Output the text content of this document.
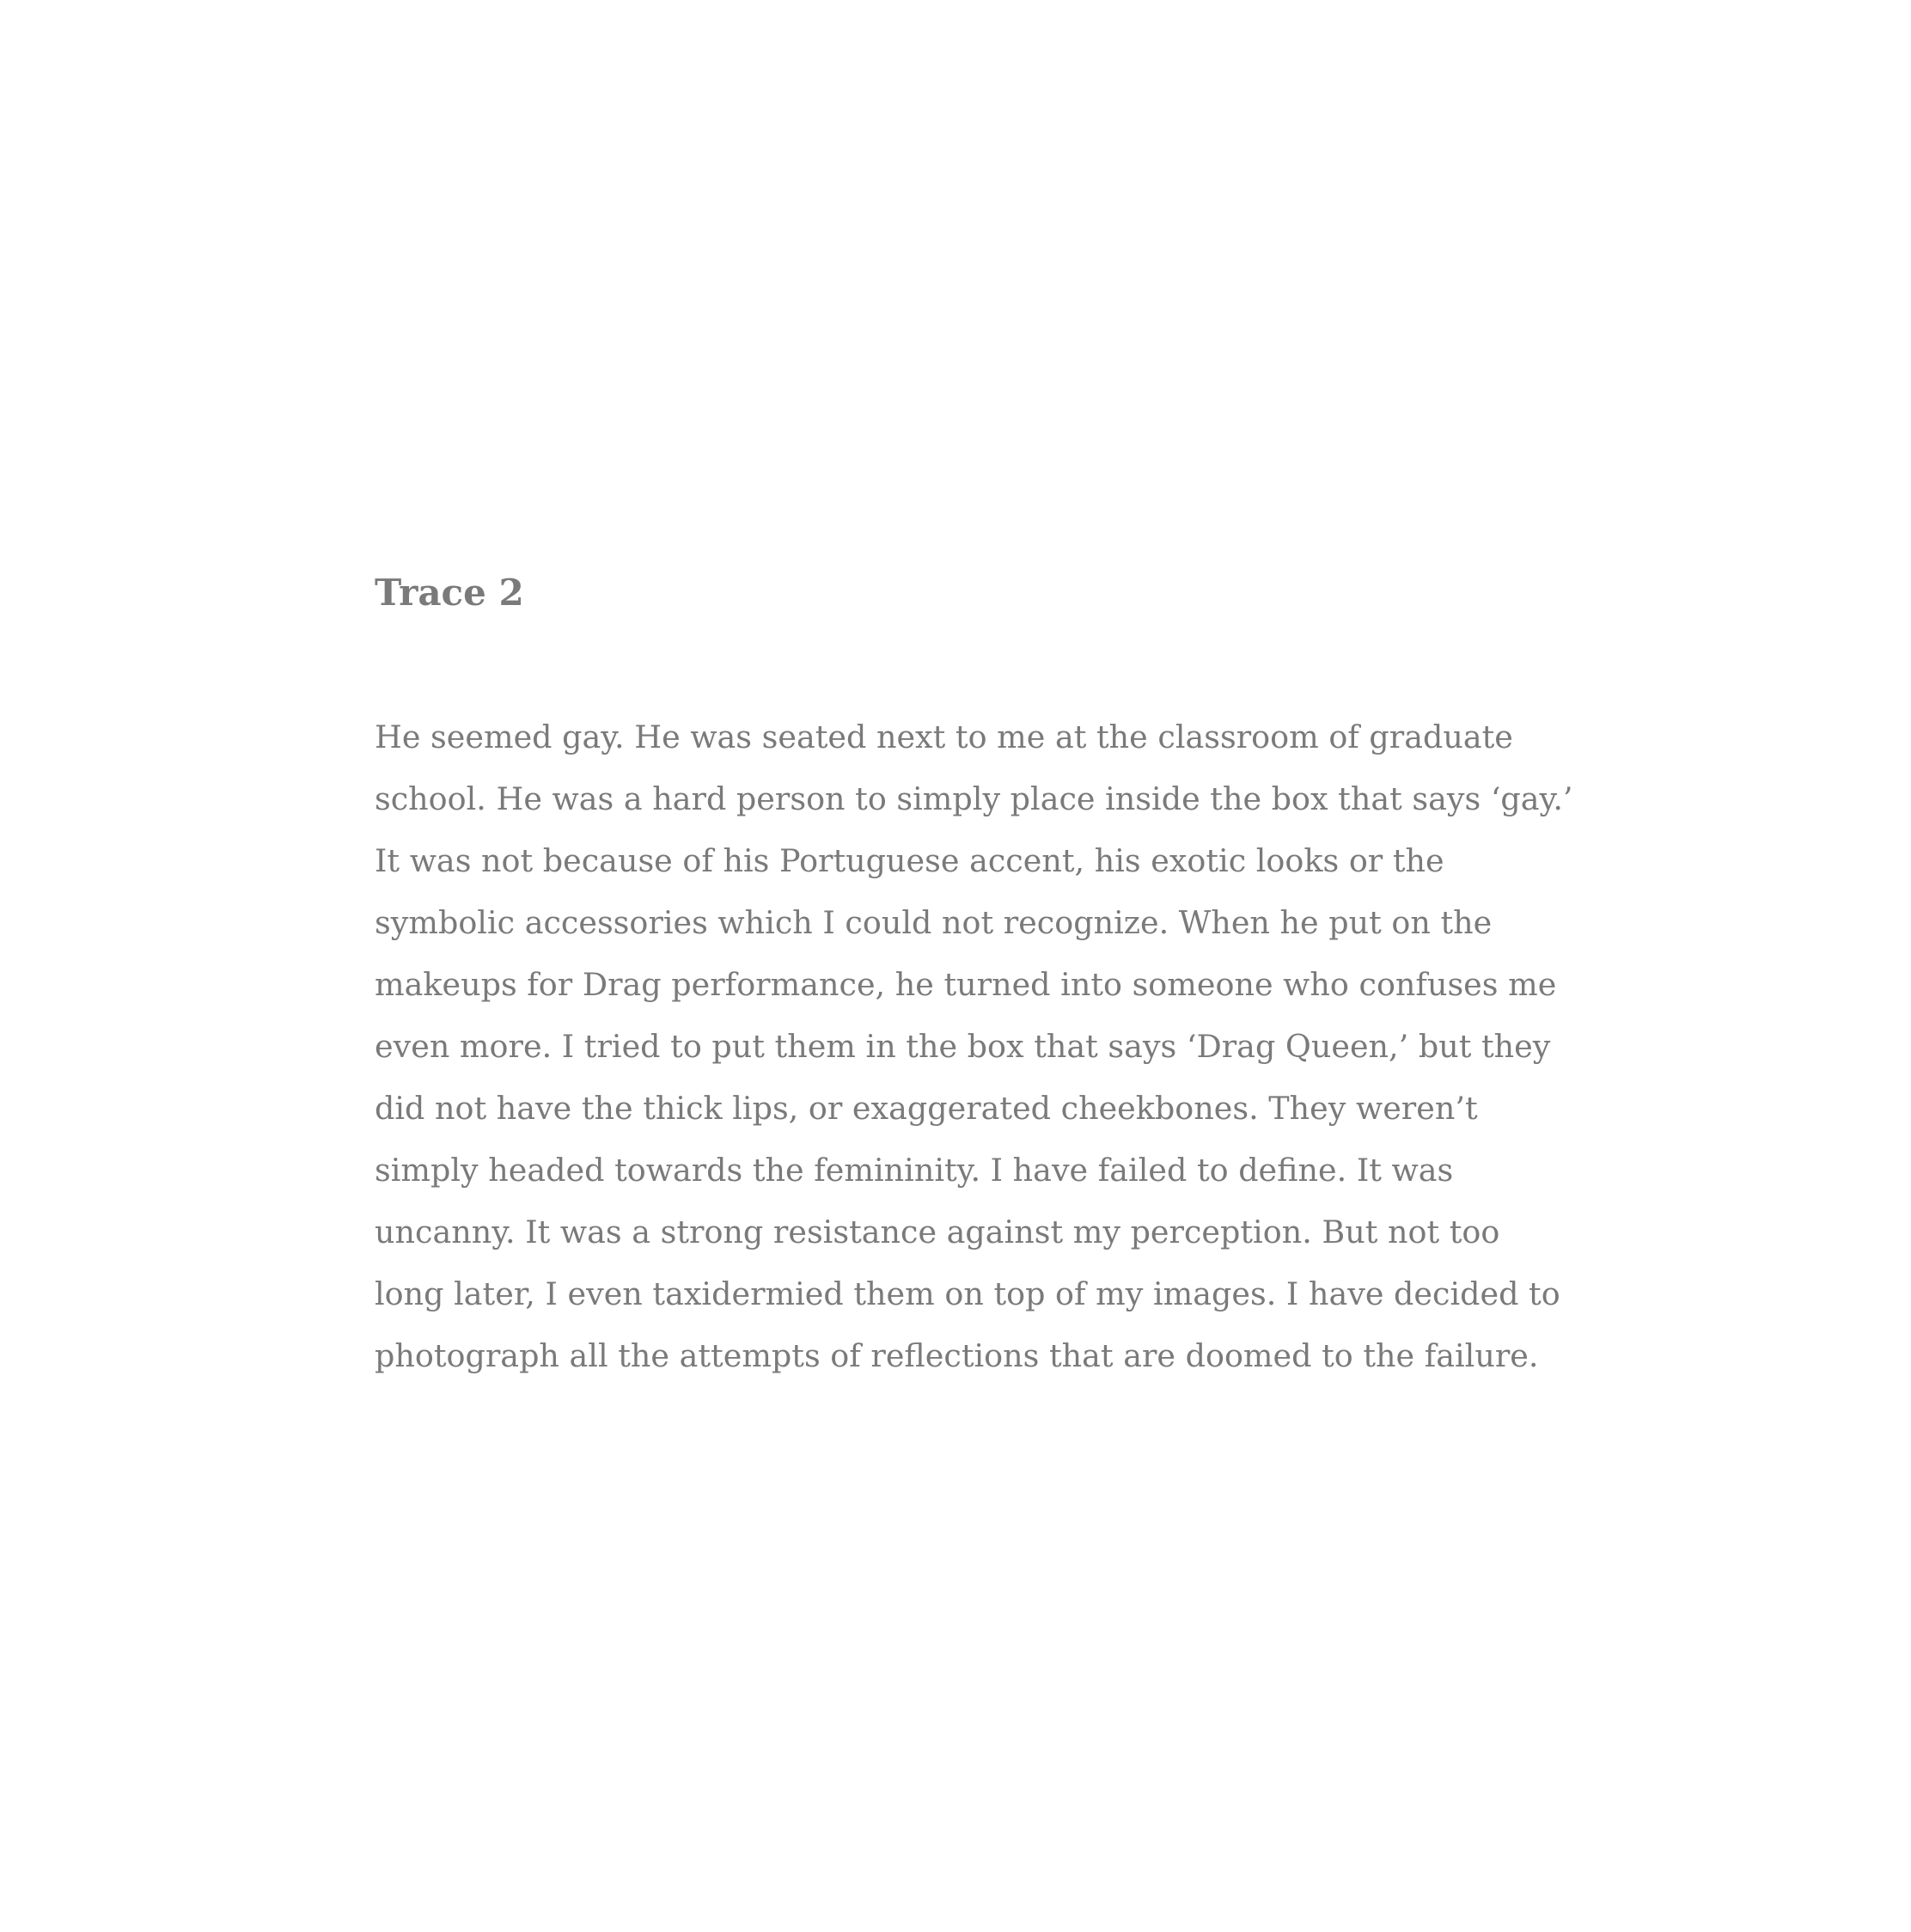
Trace 2
He seemed gay. He was seated next to me at the classroom of graduate
school. He was a hard person to simply place inside the box that says ‘gay.’
It was not because of his Portuguese accent, his exotic looks or the
symbolic accessories which I could not recognize. When he put on the
makeups for Drag performance, he turned into someone who confuses me
even more. I tried to put them in the box that says ‘Drag Queen,’ but they
did not have the thick lips, or exaggerated cheekbones. They weren’t
simply headed towards the femininity. I have failed to define. It was
uncanny. It was a strong resistance against my perception. But not too
long later, I even taxidermied them on top of my images. I have decided to
photograph all the attempts of reflections that are doomed to the failure.
